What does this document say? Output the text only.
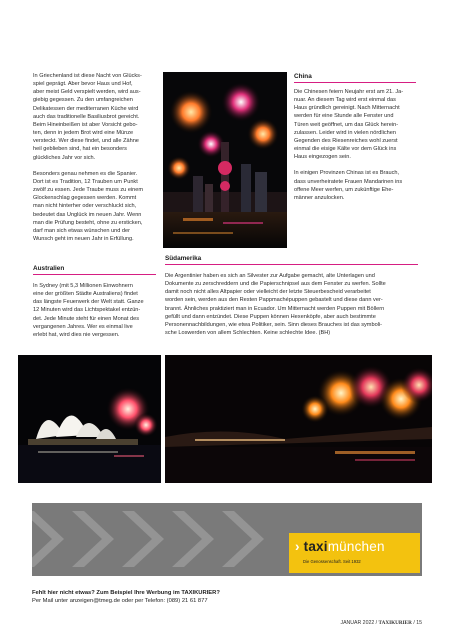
In Griechenland ist diese Nacht von Glücks-
spiel geprägt. Aber bevor Haus und Hof,
aber meist Geld verspielt werden, wird aus-
giebig gegessen. Zu den umfangreichen
Delikatessen der mediterranen Küche wird
auch das traditionelle Basiliusbrot gereicht.
Beim Hineinbeißen ist aber Vorsicht gebo-
ten, denn in jedem Brot wird eine Münze
versteckt. Wer diese findet, und alle Zähne
heil geblieben sind, hat ein besonders
glückliches Jahr vor sich.

Besonders genau nehmen es die Spanier.
Dort ist es Tradition, 12 Trauben um Punkt
zwölf zu essen. Jede Traube muss zu einem
Glockenschlag gegessen werden. Kommt
man nicht hinterher oder verschluckt sich,
bedeutet das Unglück im neuen Jahr. Wenn
man die Prüfung besteht, ohne zu ersticken,
darf man sich etwas wünschen und der
Wunsch geht im neuen Jahr in Erfüllung.

China

Die Chinesen feiern Neujahr erst am 21. Ja-
nuar. An diesem Tag wird erst einmal das
Haus gründlich gereinigt. Nach Mitternacht
werden für eine Stunde alle Fenster und
Türen weit geöffnet, um das Glück herein-
zulassen. Leider wird in vielen nördlichen
Gegenden des Riesenreiches wohl zuerst
einmal die eisige Kälte vor dem Glück ins
Haus eingezogen sein.

In einigen Provinzen Chinas ist es Brauch,
dass unverheiratete Frauen Mandarinen ins
offene Meer werfen, um zukünftige Ehe-
männer anzulocken.

Australien

In Sydney (mit 5,3 Millionen Einwohnern
eine der größten Städte Australiens) findet
das längste Feuerwerk der Welt statt. Ganze
12 Minuten wird das Lichtspektakel entzün-
det. Jede Minute steht für einen Monat des
vergangenen Jahres. Wer es einmal live
erlebt hat, wird dies nie vergessen.

Südamerika

Die Argentinier haben es sich an Silvester zur Aufgabe gemacht, alte Unterlagen und
Dokumente zu zerschreddern und die Papierschnipsel aus dem Fenster zu werfen. Sollte
damit noch nicht alles Altpapier oder vielleicht der letzte Steuerbescheid verarbeitet
worden sein, werden aus den Resten Pappmachépuppen gebastelt und diese dann ver-
brannt. Ähnliches praktiziert man in Ecuador. Um Mitternacht werden Puppen mit Böllern
gefüllt und dann entzündet. Diese Puppen können Hexenköpfe, aber auch bestimmte
Personennachbildungen, wie etwa Politiker, sein. Sinn dieses Brauches ist das symboli-
sche Loswerden von allem Schlechten. Keine schlechte Idee. (BH)

› taximünchen
Die Genossenschaft. Seit 1932
Fehlt hier nicht etwas? Zum Beispiel Ihre Werbung im TAXIKURIER?
Per Mail unter anzeigen@tmeg.de oder per Telefon: (089) 21 61 877
JANUAR 2022 / TAXIKURIER / 15
